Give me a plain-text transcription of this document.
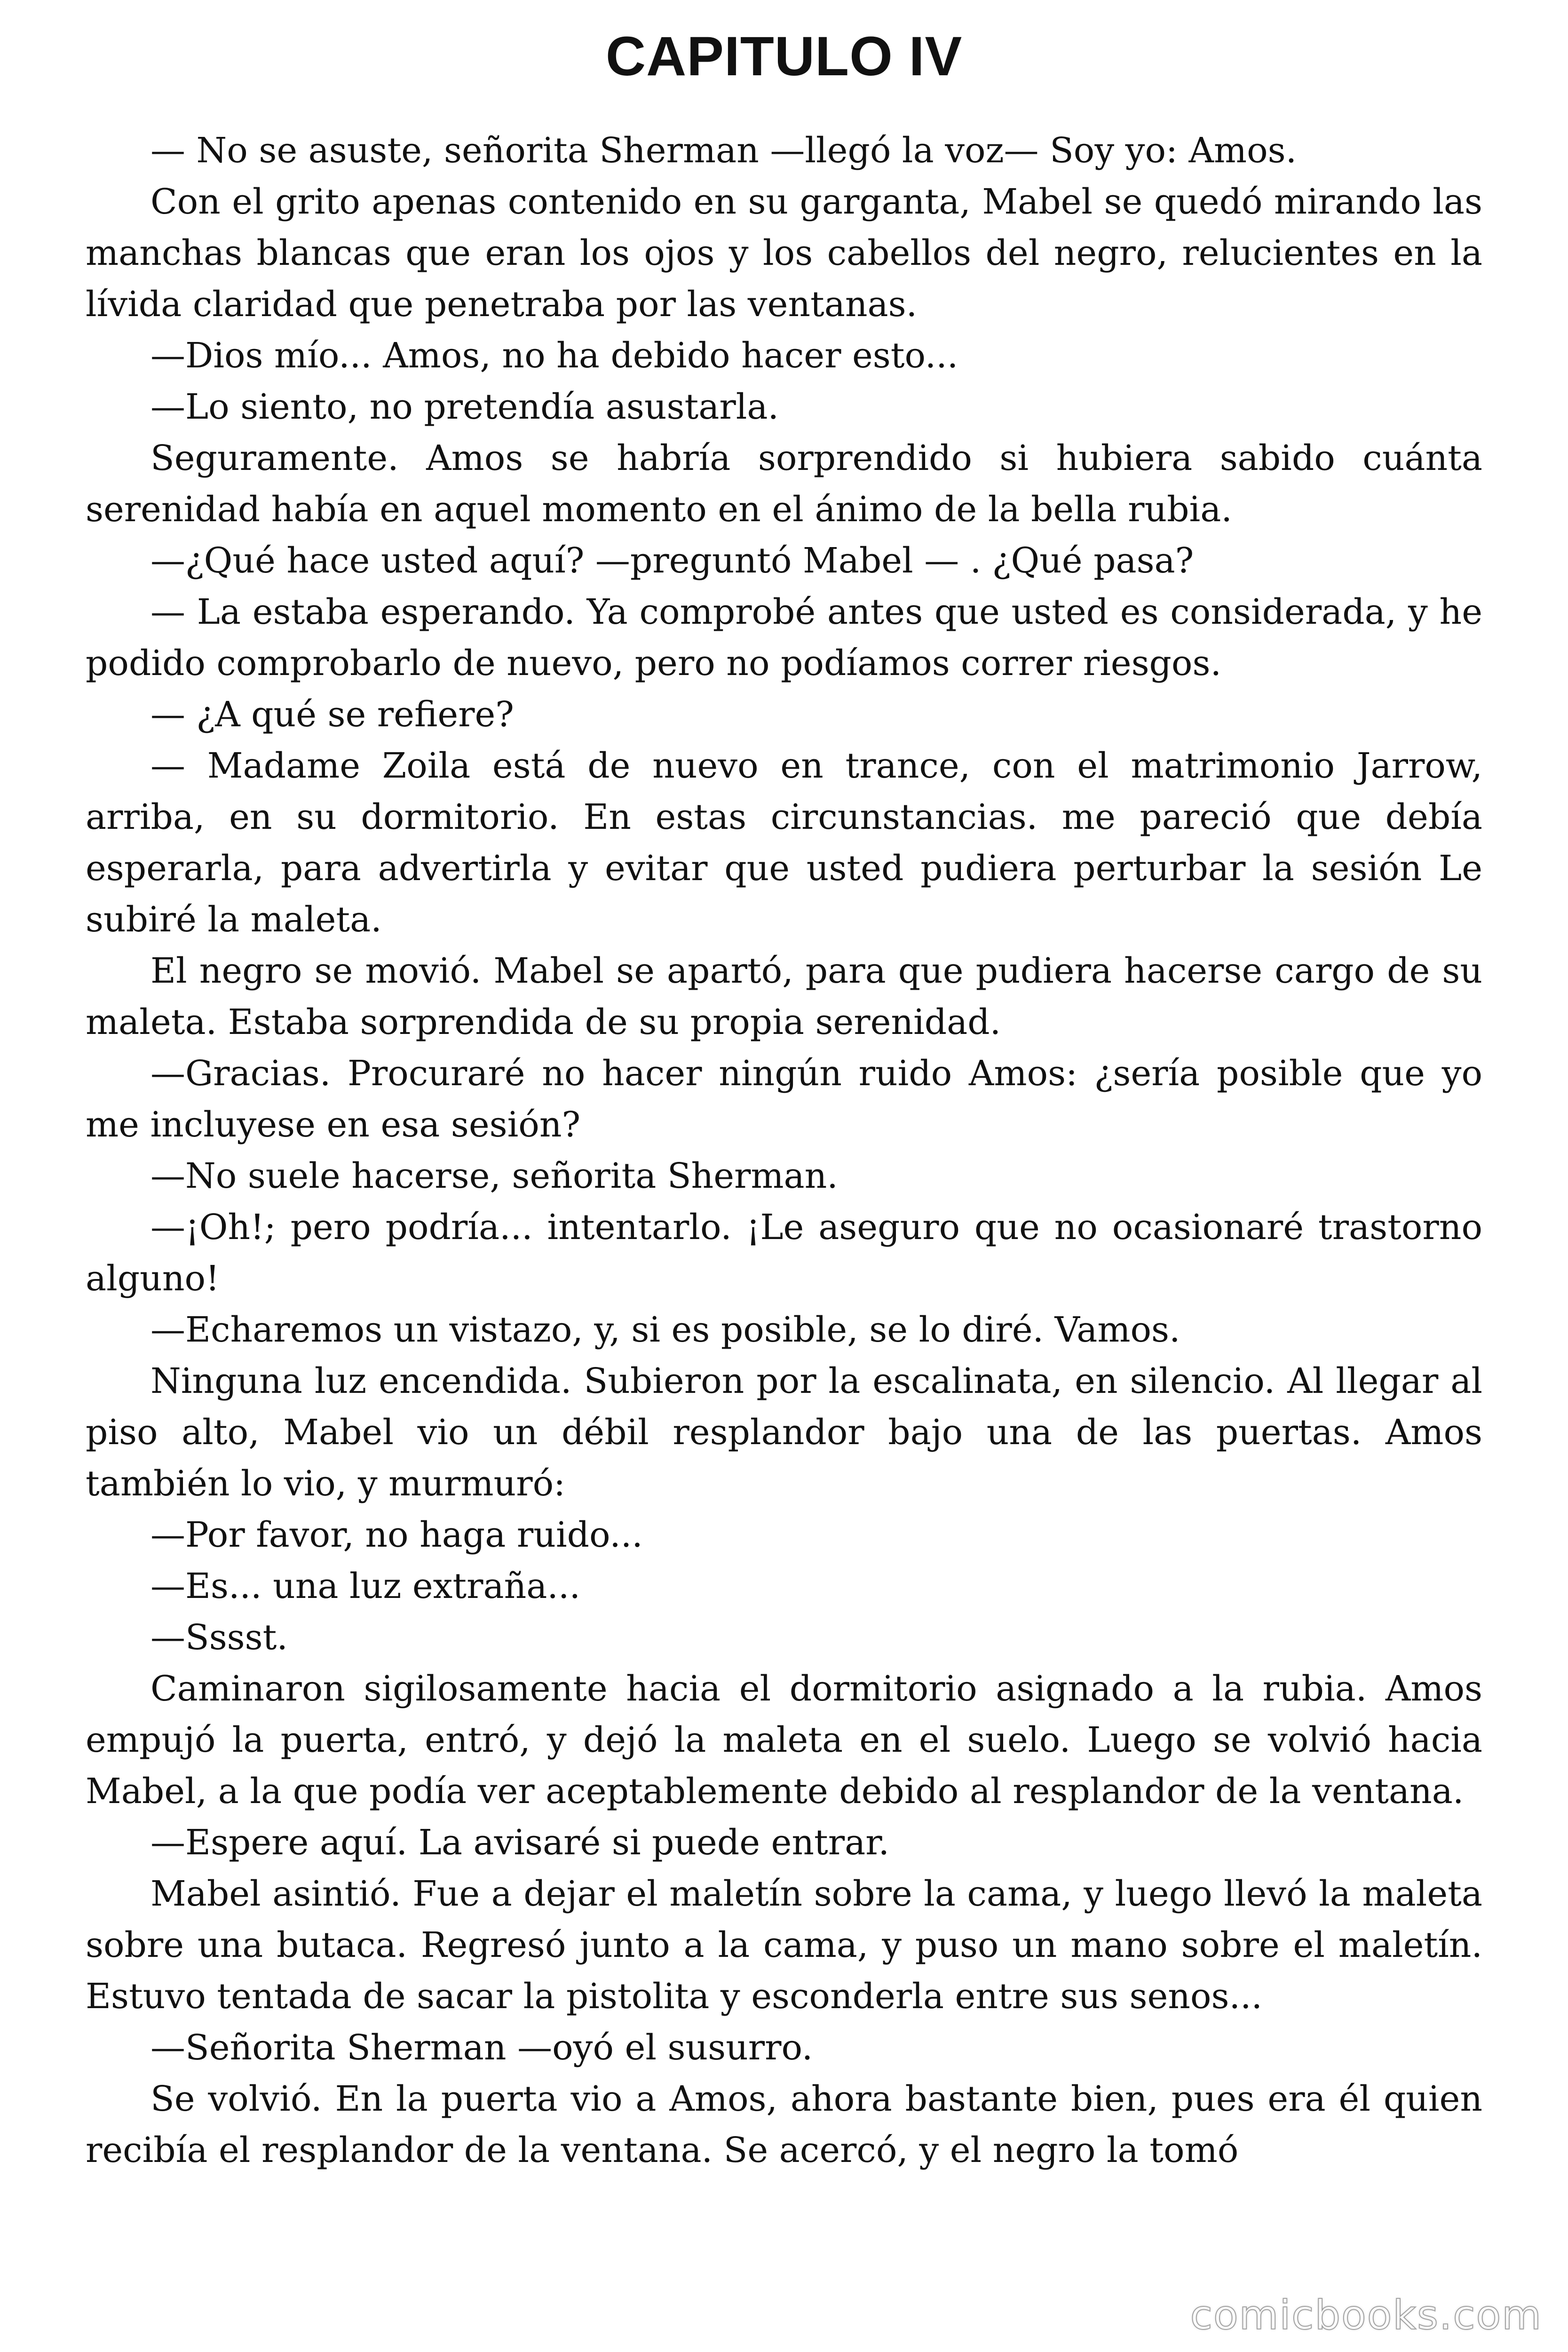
CAPITULO IV

— No se asuste, señorita Sherman —llegó la voz— Soy yo: Amos.

Con el grito apenas contenido en su garganta, Mabel se quedó mirando las manchas blancas que eran los ojos y los cabellos del negro, relucientes en la lívida claridad que penetraba por las ventanas.

—Dios mío... Amos, no ha debido hacer esto...

—Lo siento, no pretendía asustarla.

Seguramente. Amos se habría sorprendido si hubiera sabido cuánta serenidad había en aquel momento en el ánimo de la bella rubia.

—¿Qué hace usted aquí? —preguntó Mabel — . ¿Qué pasa?

— La estaba esperando. Ya comprobé antes que usted es considerada, y he podido comprobarlo de nuevo, pero no podíamos correr riesgos.

— ¿A qué se refiere?

— Madame Zoila está de nuevo en trance, con el matrimonio Jarrow, arriba, en su dormitorio. En estas circunstancias. me pareció que debía esperarla, para advertirla y evitar que usted pudiera perturbar la sesión Le subiré la maleta.

El negro se movió. Mabel se apartó, para que pudiera hacerse cargo de su maleta. Estaba sorprendida de su propia serenidad.

—Gracias. Procuraré no hacer ningún ruido Amos: ¿sería posible que yo me incluyese en esa sesión?

—No suele hacerse, señorita Sherman.

—¡Oh!; pero podría... intentarlo. ¡Le aseguro que no ocasionaré trastorno alguno!

—Echaremos un vistazo, y, si es posible, se lo diré. Vamos.

Ninguna luz encendida. Subieron por la escalinata, en silencio. Al llegar al piso alto, Mabel vio un débil resplandor bajo una de las puertas. Amos también lo vio, y murmuró:

—Por favor, no haga ruido...

—Es... una luz extraña...

—Sssst.

Caminaron sigilosamente hacia el dormitorio asignado a la rubia. Amos empujó la puerta, entró, y dejó la maleta en el suelo. Luego se volvió hacia Mabel, a la que podía ver aceptablemente debido al resplandor de la ventana.

—Espere aquí. La avisaré si puede entrar.

Mabel asintió. Fue a dejar el maletín sobre la cama, y luego llevó la maleta sobre una butaca. Regresó junto a la cama, y puso un mano sobre el maletín. Estuvo tentada de sacar la pistolita y esconderla entre sus senos...

—Señorita Sherman —oyó el susurro.

Se volvió. En la puerta vio a Amos, ahora bastante bien, pues era él quien recibía el resplandor de la ventana. Se acercó, y el negro la tomó

comicbooks.com
